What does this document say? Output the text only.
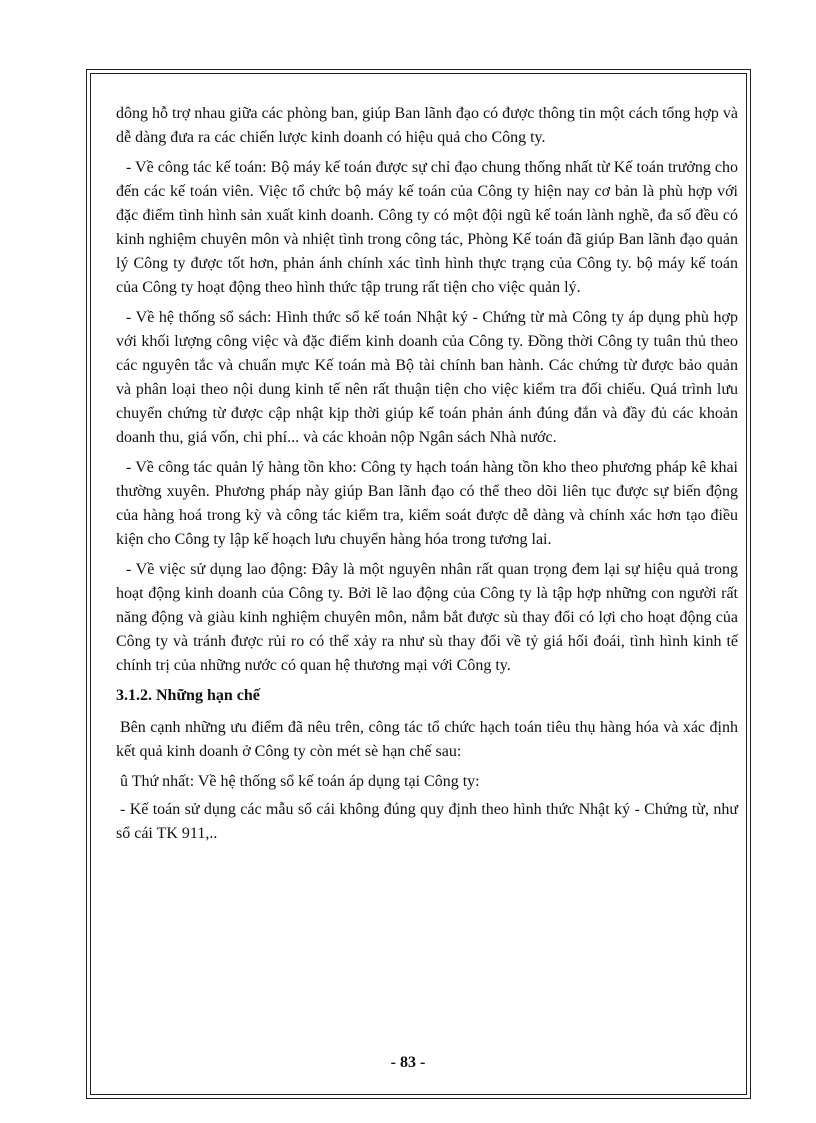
dông hỗ trợ nhau giữa các phòng ban, giúp Ban lãnh đạo có được thông tin một cách tổng hợp và dễ dàng đưa ra các chiến lược kinh doanh có hiệu quả cho Công ty.

- Về công tác kế toán: Bộ máy kế toán được sự chỉ đạo chung thống nhất từ Kế toán trưởng cho đến các kế toán viên. Việc tổ chức bộ máy kế toán của Công ty hiện nay cơ bản là phù hợp với đặc điểm tình hình sản xuất kinh doanh. Công ty có một đội ngũ kế toán lành nghề, đa số đều có kinh nghiệm chuyên môn và nhiệt tình trong công tác, Phòng Kế toán đã giúp Ban lãnh đạo quản lý Công ty được tốt hơn, phản ánh chính xác tình hình thực trạng của Công ty. bộ máy kế toán của Công ty hoạt động theo hình thức tập trung rất tiện cho việc quản lý.

- Về hệ thống sổ sách: Hình thức sổ kế toán Nhật ký - Chứng từ mà Công ty áp dụng phù hợp với khối lượng công việc và đặc điểm kinh doanh của Công ty. Đồng thời Công ty tuân thủ theo các nguyên tắc và chuẩn mực Kế toán mà Bộ tài chính ban hành. Các chứng từ được bảo quản và phân loại theo nội dung kinh tế nên rất thuận tiện cho việc kiểm tra đối chiếu. Quá trình lưu chuyển chứng từ được cập nhật kịp thời giúp kế toán phản ánh đúng đắn và đầy đủ các khoản doanh thu, giá vốn, chi phí... và các khoản nộp Ngân sách Nhà nước.

- Về công tác quản lý hàng tồn kho: Công ty hạch toán hàng tồn kho theo phương pháp kê khai thường xuyên. Phương pháp này giúp Ban lãnh đạo có thể theo dõi liên tục được sự biến động của hàng hoá trong kỳ và công tác kiểm tra, kiểm soát được dễ dàng và chính xác hơn tạo điều kiện cho Công ty lập kế hoạch lưu chuyển hàng hóa trong tương lai.

- Về việc sử dụng lao động: Đây là một nguyên nhân rất quan trọng đem lại sự hiệu quả trong hoạt động kinh doanh của Công ty. Bởi lẽ lao động của Công ty là tập hợp những con người rất năng động và giàu kinh nghiệm chuyên môn, nắm bắt được sù thay đổi có lợi cho hoạt động của Công ty và tránh được rủi ro có thể xảy ra như sù thay đổi về tỷ giá hối đoái, tình hình kinh tế chính trị của những nước có quan hệ thương mại với Công ty.

3.1.2. Những hạn chế

Bên cạnh những ưu điểm đã nêu trên, công tác tổ chức hạch toán tiêu thụ hàng hóa và xác định kết quả kinh doanh ở Công ty còn mét sè hạn chế sau:

û Thứ nhất: Về hệ thống sổ kế toán áp dụng tại Công ty:

- Kế toán sử dụng các mẫu sổ cái không đúng quy định theo hình thức Nhật ký - Chứng từ, như sổ cái TK 911,..

- 83 -
